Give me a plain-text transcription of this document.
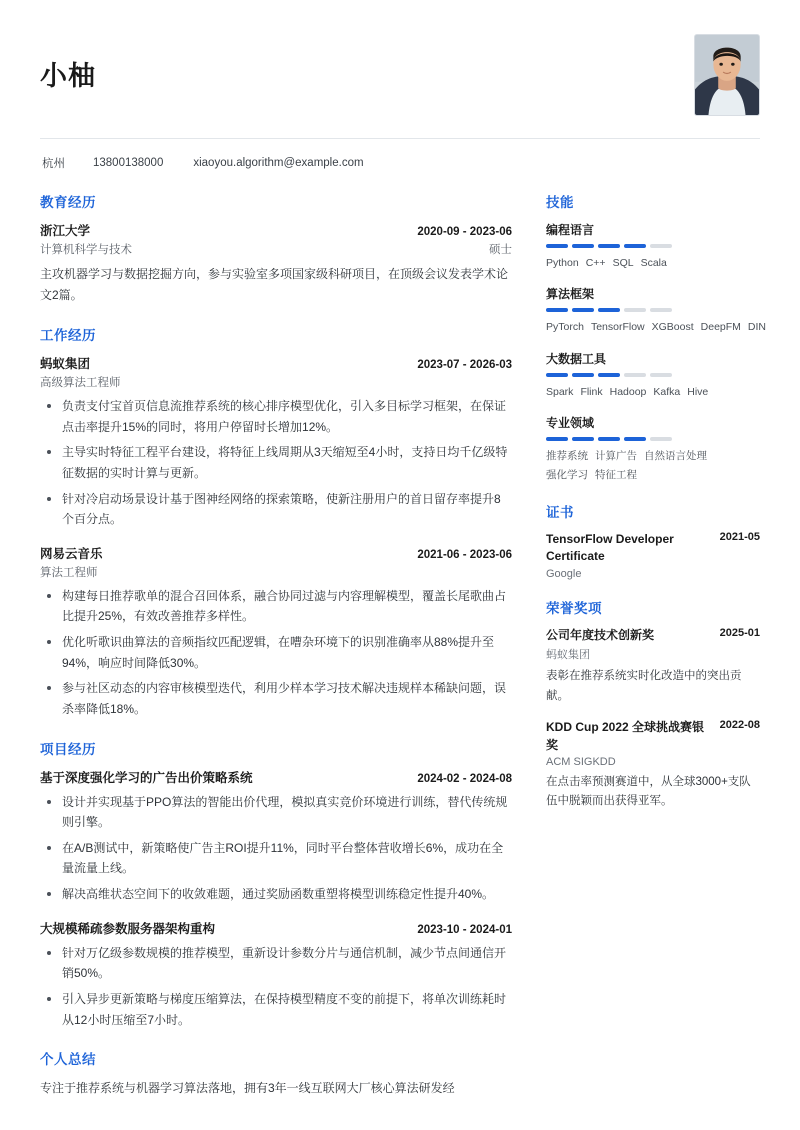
小柚
杭州 13800138000	xiaoyou.algorithm@example.com
教育经历
浙江大学	2020-09 - 2023-06
计算机科学与技术	硕士

主攻机器学习与数据挖掘方向，参与实验室多项国家级科研项目，在顶级会议发表学术论文2篇。

工作经历
蚂蚁集团	2023-07 - 2026-03
高级算法工程师
负责支付宝首页信息流推荐系统的核心排序模型优化，引入多目标学习框架，在保证点击率提升15%的同时，将用户停留时长增加12%。
主导实时特征工程平台建设，将特征上线周期从3天缩短至4小时，支持日均千亿级特征数据的实时计算与更新。
针对冷启动场景设计基于图神经网络的探索策略，使新注册用户的首日留存率提升8个百分点。
网易云音乐	2021-06 - 2023-06
算法工程师
构建每日推荐歌单的混合召回体系，融合协同过滤与内容理解模型，覆盖长尾歌曲占比提升25%，有效改善推荐多样性。
优化听歌识曲算法的音频指纹匹配逻辑，在嘈杂环境下的识别准确率从88%提升至94%，响应时间降低30%。
参与社区动态的内容审核模型迭代，利用少样本学习技术解决违规样本稀缺问题，误杀率降低18%。
项目经历
基于深度强化学习的广告出价策略系统	2024-02 - 2024-08
设计并实现基于PPO算法的智能出价代理，模拟真实竞价环境进行训练，替代传统规则引擎。
在A/B测试中，新策略使广告主ROI提升11%，同时平台整体营收增长6%，成功在全量流量上线。
解决高维状态空间下的收敛难题，通过奖励函数重塑将模型训练稳定性提升40%。
大规模稀疏参数服务器架构重构	2023-10 - 2024-01
针对万亿级参数规模的推荐模型，重新设计参数分片与通信机制，减少节点间通信开销50%。
引入异步更新策略与梯度压缩算法，在保持模型精度不变的前提下，将单次训练耗时从12小时压缩至7小时。
个人总结
专注于推荐系统与机器学习算法落地，拥有3年一线互联网大厂核心算法研发经
技能
编程语言
Python C++ SQL Scala
算法框架
PyTorch TensorFlow XGBoost DeepFM DIN
大数据工具
Spark Flink Hadoop Kafka Hive
专业领域
推荐系统 计算广告 自然语言处理强化学习 特征工程
证书
TensorFlow Developer Certificate
2021-05
Google
荣誉奖项
公司年度技术创新奖	2025-01
蚂蚁集团
表彰在推荐系统实时化改造中的突出贡献。
KDD Cup 2022 全球挑战赛银奖
2022-08
ACM SIGKDD
在点击率预测赛道中，从全球3000+支队伍中脱颖而出获得亚军。
